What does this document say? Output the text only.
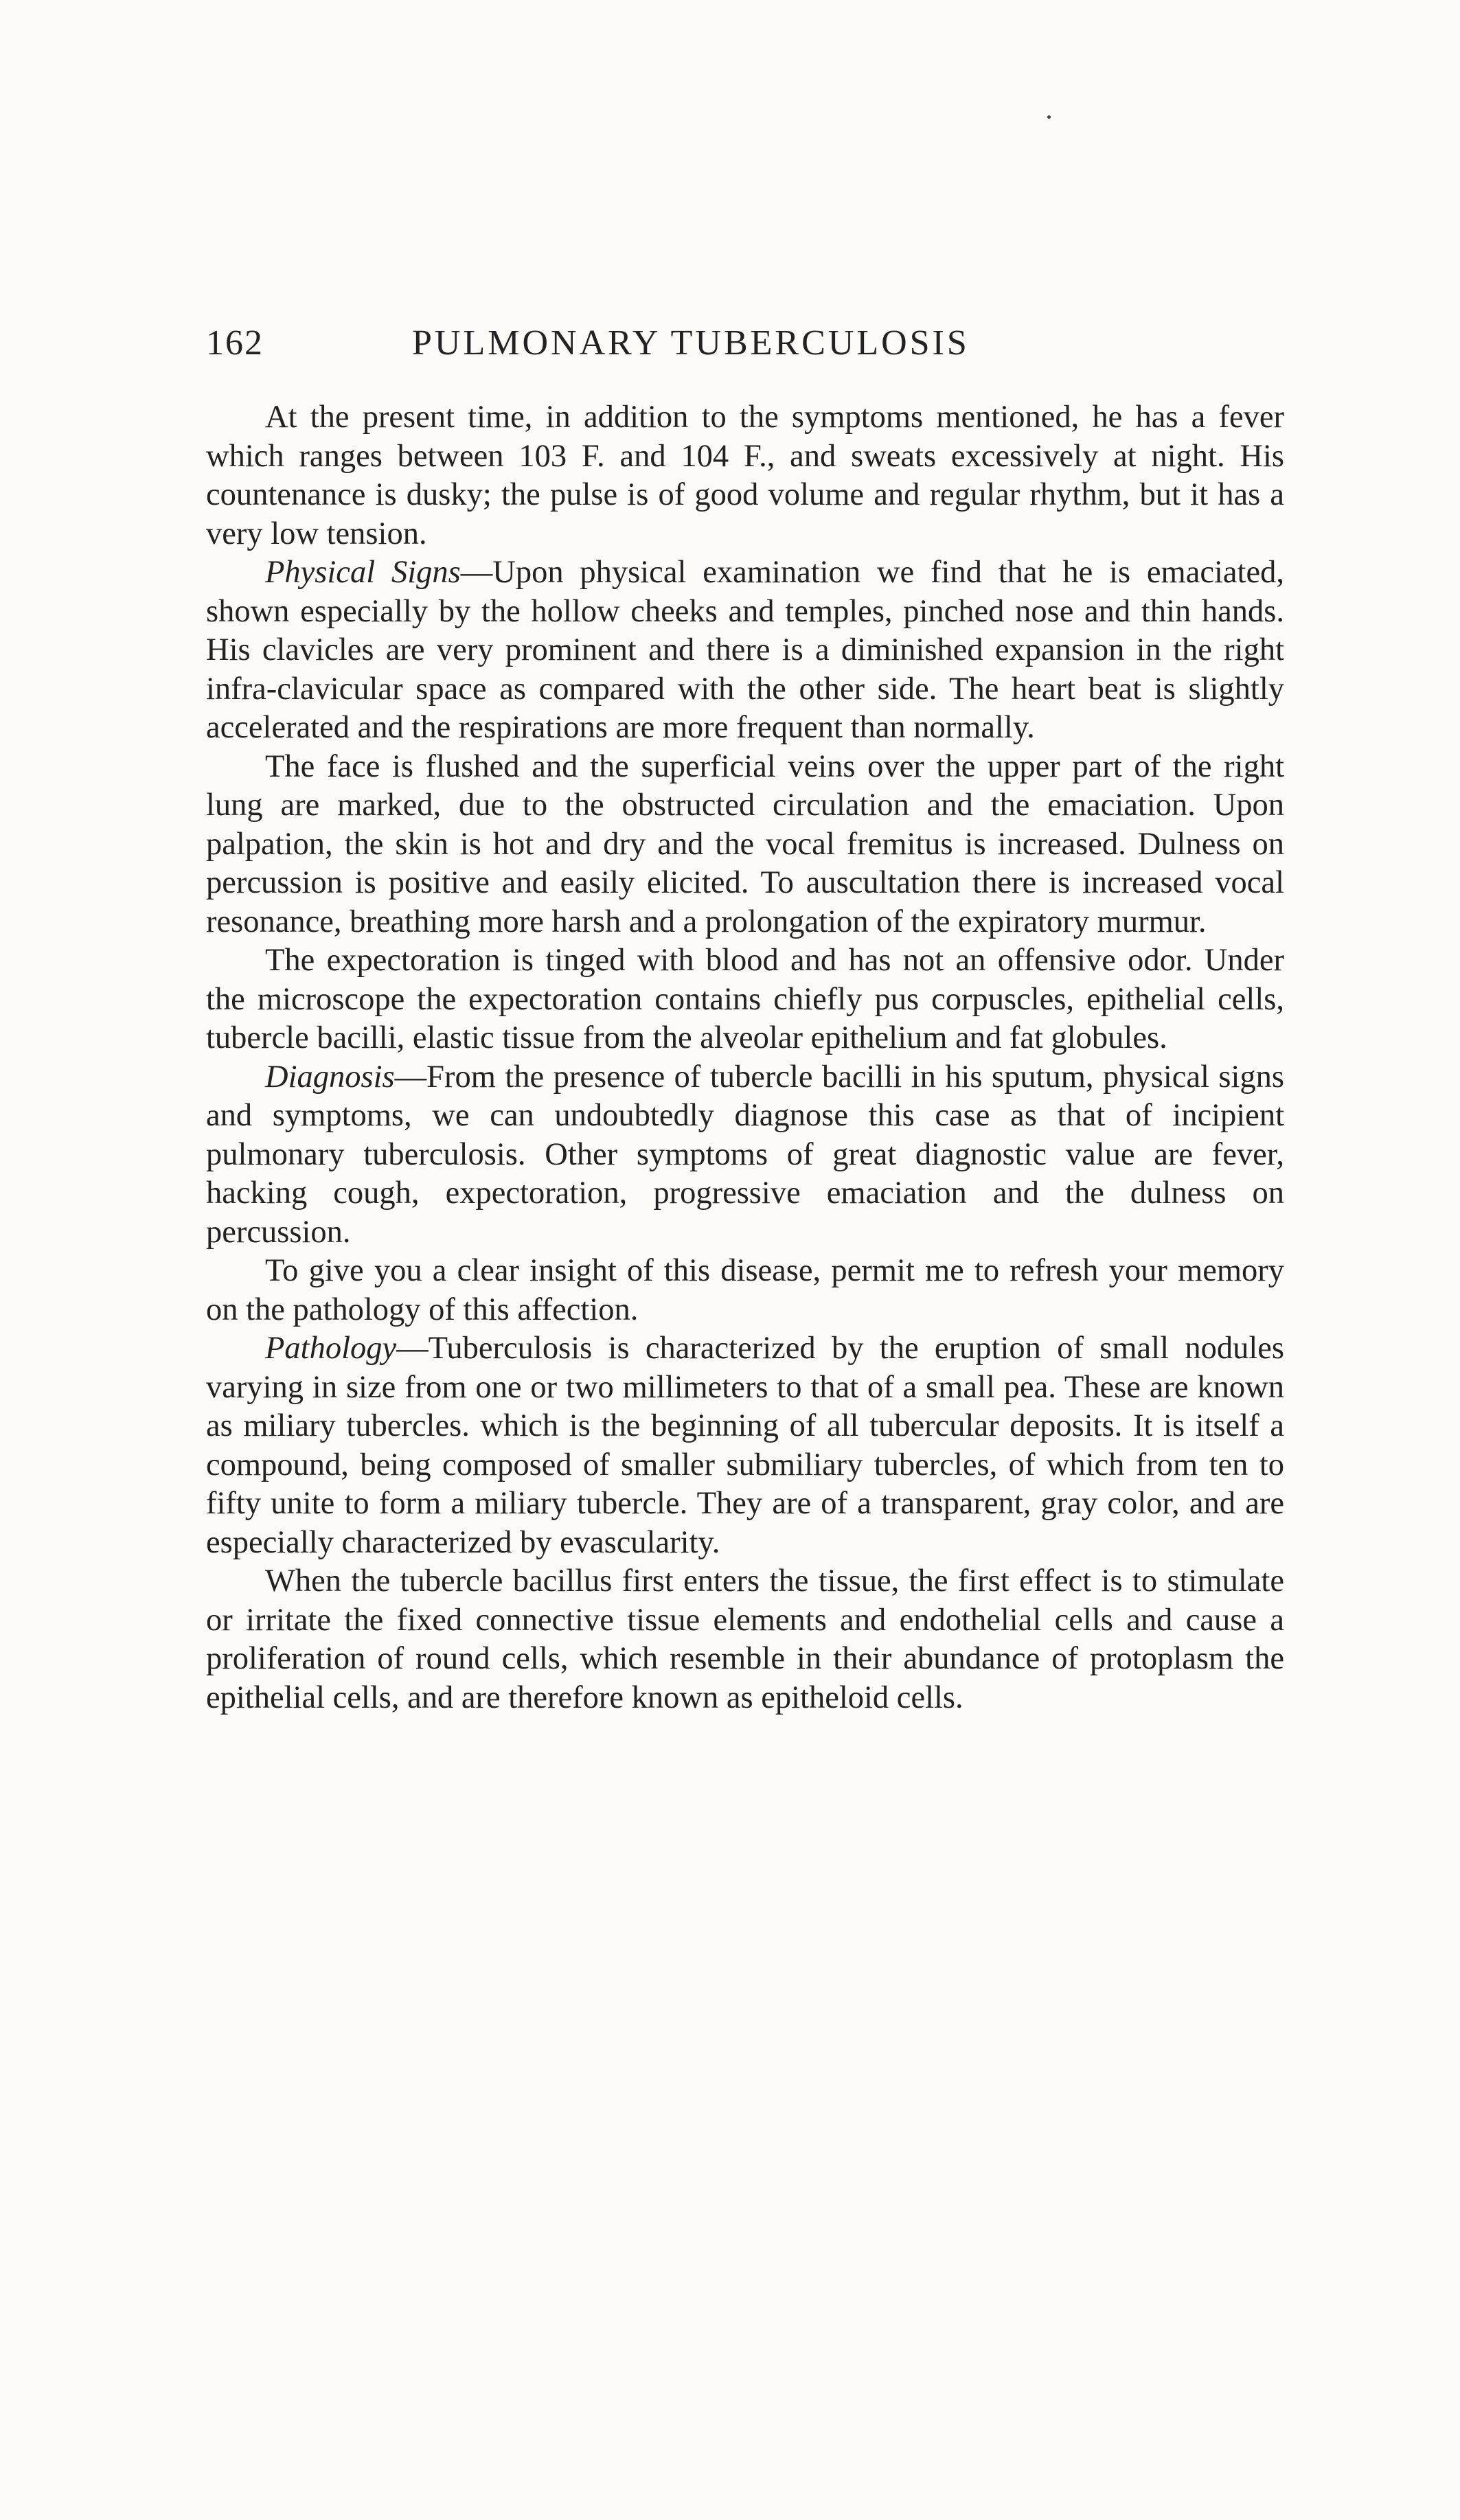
162	PULMONARY TUBERCULOSIS

At the present time, in addition to the symptoms mentioned, he has a fever which ranges between 103 F. and 104 F., and sweats excessively at night. His countenance is dusky; the pulse is of good volume and regular rhythm, but it has a very low tension.

Physical Signs—Upon physical examination we find that he is emaciated, shown especially by the hollow cheeks and temples, pinched nose and thin hands. His clavicles are very prominent and there is a diminished expansion in the right infra-clavicular space as compared with the other side. The heart beat is slightly accelerated and the respirations are more frequent than normally.

The face is flushed and the superficial veins over the upper part of the right lung are marked, due to the obstructed circulation and the emaciation. Upon palpation, the skin is hot and dry and the vocal fremitus is increased. Dulness on percussion is positive and easily elicited. To auscultation there is increased vocal resonance, breathing more harsh and a prolongation of the expiratory murmur.

The expectoration is tinged with blood and has not an offensive odor. Under the microscope the expectoration contains chiefly pus corpuscles, epithelial cells, tubercle bacilli, elastic tissue from the alveolar epithelium and fat globules.

Diagnosis—From the presence of tubercle bacilli in his sputum, physical signs and symptoms, we can undoubtedly diagnose this case as that of incipient pulmonary tuberculosis. Other symptoms of great diagnostic value are fever, hacking cough, expectoration, progressive emaciation and the dulness on percussion.

To give you a clear insight of this disease, permit me to refresh your memory on the pathology of this affection.

Pathology—Tuberculosis is characterized by the eruption of small nodules varying in size from one or two millimeters to that of a small pea. These are known as miliary tubercles. which is the beginning of all tubercular deposits. It is itself a compound, being composed of smaller submiliary tubercles, of which from ten to fifty unite to form a miliary tubercle. They are of a transparent, gray color, and are especially characterized by evascularity.

When the tubercle bacillus first enters the tissue, the first effect is to stimulate or irritate the fixed connective tissue elements and endothelial cells and cause a proliferation of round cells, which resemble in their abundance of protoplasm the epithelial cells, and are therefore known as epitheloid cells.
